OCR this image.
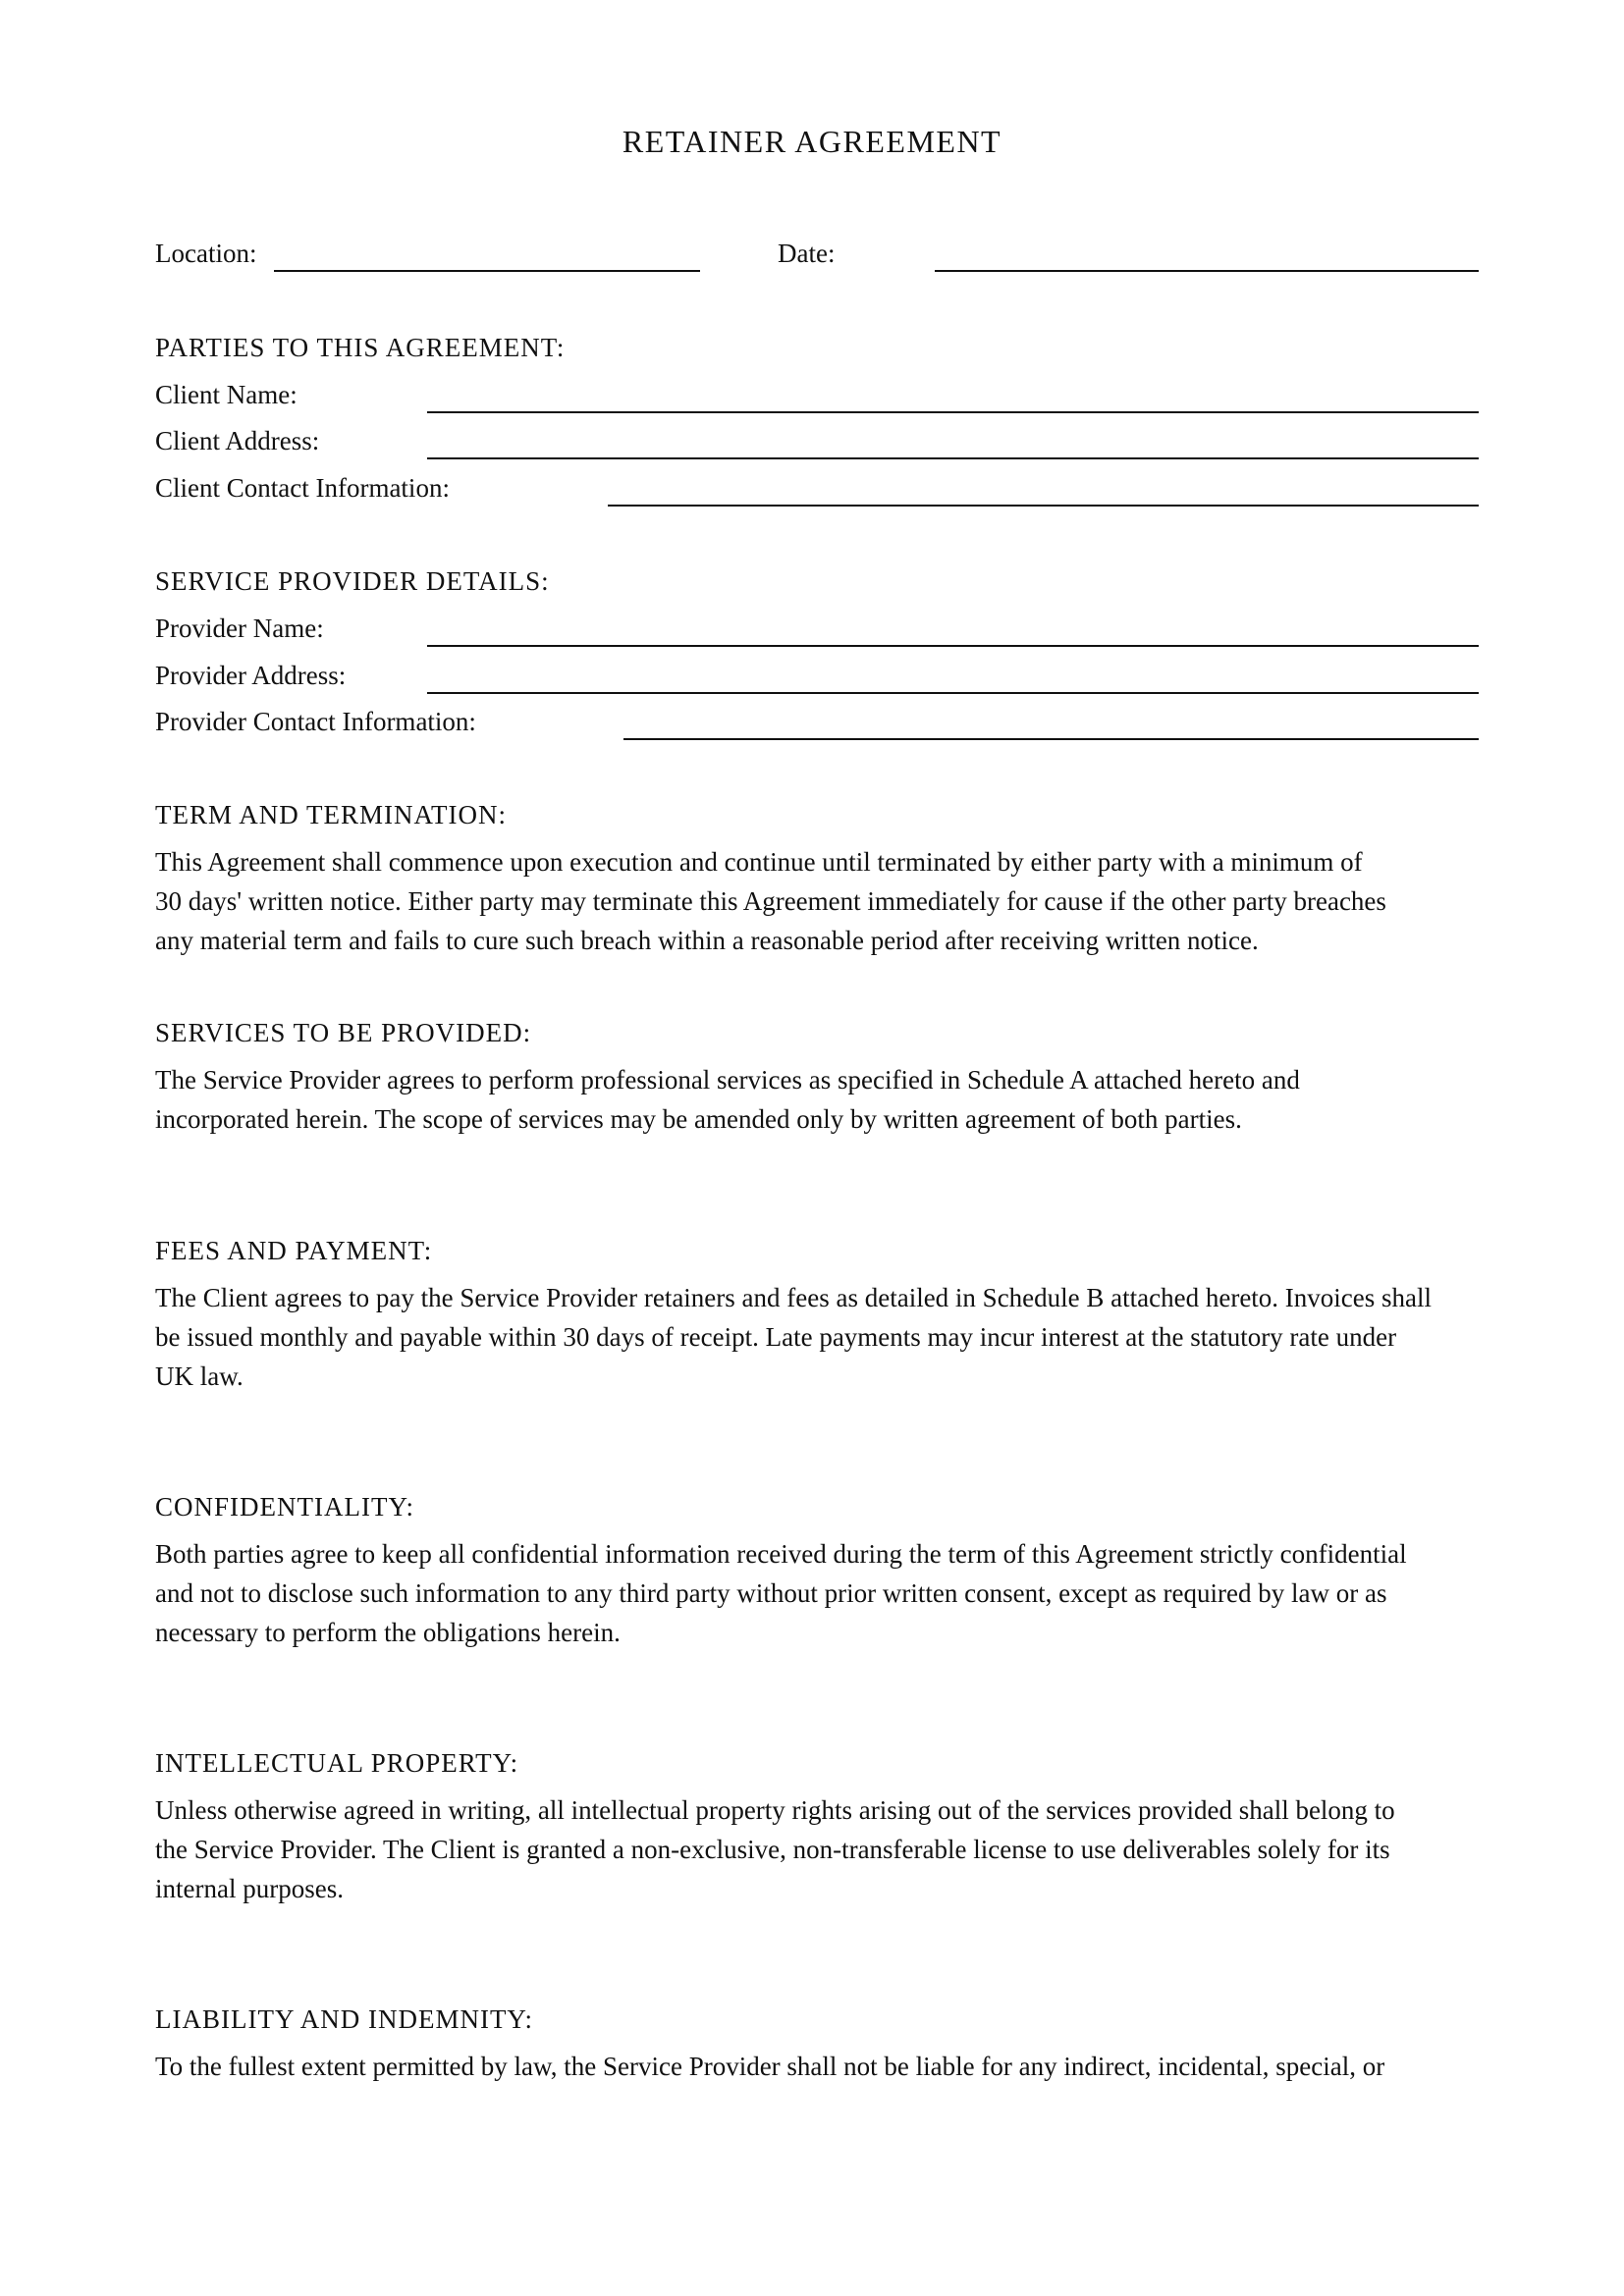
RETAINER AGREEMENT
Location:	Date:
PARTIES TO THIS AGREEMENT:
Client Name:
Client Address:
Client Contact Information:
SERVICE PROVIDER DETAILS:
Provider Name:
Provider Address:
Provider Contact Information:
TERM AND TERMINATION:
This Agreement shall commence upon execution and continue until terminated by either party with a minimum of
30 days' written notice. Either party may terminate this Agreement immediately for cause if the other party breaches
any material term and fails to cure such breach within a reasonable period after receiving written notice.
SERVICES TO BE PROVIDED:
The Service Provider agrees to perform professional services as specified in Schedule A attached hereto and
incorporated herein. The scope of services may be amended only by written agreement of both parties.
FEES AND PAYMENT:
The Client agrees to pay the Service Provider retainers and fees as detailed in Schedule B attached hereto. Invoices shall
be issued monthly and payable within 30 days of receipt. Late payments may incur interest at the statutory rate under
UK law.
CONFIDENTIALITY:
Both parties agree to keep all confidential information received during the term of this Agreement strictly confidential
and not to disclose such information to any third party without prior written consent, except as required by law or as
necessary to perform the obligations herein.
INTELLECTUAL PROPERTY:
Unless otherwise agreed in writing, all intellectual property rights arising out of the services provided shall belong to
the Service Provider. The Client is granted a non-exclusive, non-transferable license to use deliverables solely for its
internal purposes.
LIABILITY AND INDEMNITY:
To the fullest extent permitted by law, the Service Provider shall not be liable for any indirect, incidental, special, or
